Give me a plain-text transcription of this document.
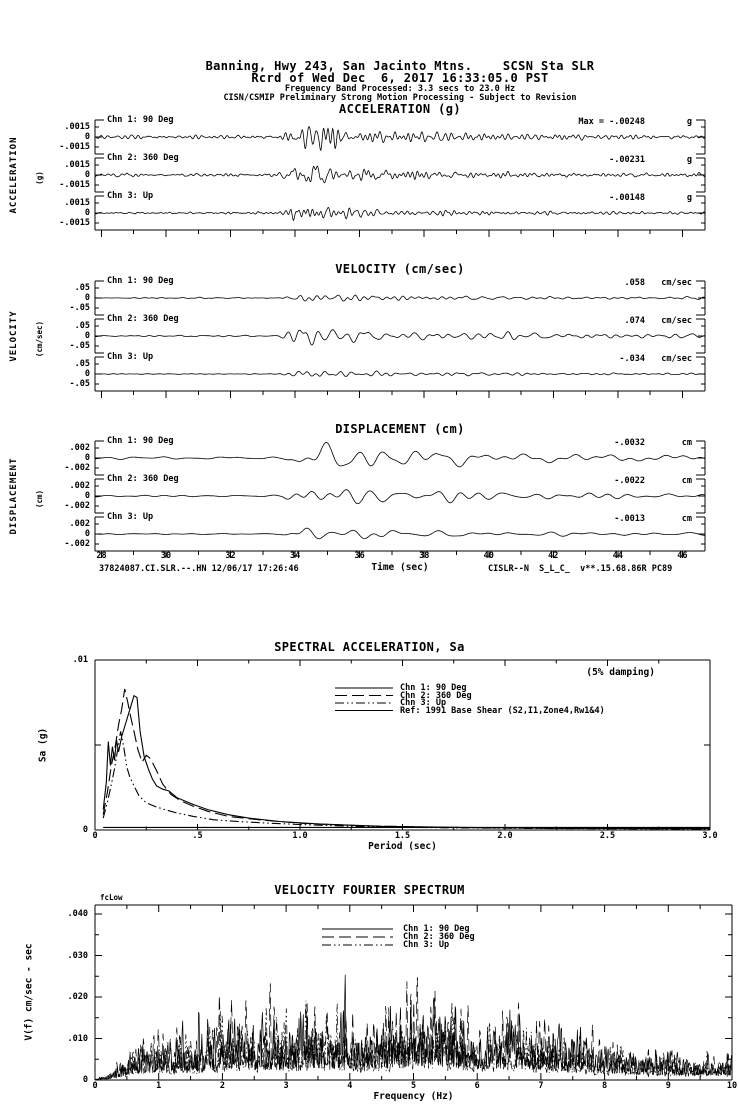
Banning, Hwy 243, San Jacinto Mtns.    SCSN Sta SLR
Rcrd of Wed Dec  6, 2017 16:33:05.0 PST
Frequency Band Processed: 3.3 secs to 23.0 Hz
CISN/CSMIP Preliminary Strong Motion Processing - Subject to Revision
ACCELERATION (g)
VELOCITY (cm/sec)
DISPLACEMENT (cm)
ACCELERATION (g)
VELOCITY (cm/sec)
DISPLACEMENT (cm)
Time (sec)
37824087.CI.SLR.--.HN 12/06/17 17:26:46	CISLR--N  S_L_C_  v**.15.68.86R PC89
SPECTRAL ACCELERATION, Sa
(5% damping)
Sa (g)
Period (sec)
VELOCITY FOURIER SPECTRUM
fcLow
V(f) cm/sec - sec
Frequency (Hz)
Chn 1: 90 Deg
.0015
0
-.0015
Max = -.00248	g
Chn 2: 360 Deg
.0015
0
-.0015
-.00231	g
Chn 3: Up
.0015
0
-.0015
-.00148	g
Chn 1: 90 Deg
.05
0
-.05
.058	cm/sec
Chn 2: 360 Deg
.05
0
-.05
.074	cm/sec
Chn 3: Up
.05
0
-.05
-.034	cm/sec
Chn 1: 90 Deg
.002
0
-.002
-.0032	cm
Chn 2: 360 Deg
.002
0
-.002
-.0022	cm
Chn 3: Up
.002
0
-.002
-.0013	cm
28	30	32	34	36	38	40	42	44	46
0
.01
0	.5	1.0	1.5	2.0	2.5	3.0
Chn 1: 90 Deg
Chn 2: 360 Deg
Chn 3: Up
Ref: 1991 Base Shear (S2,I1,Zone4,Rw1&4)
0
.010
.020
.030
.040
0	1	2	3	4	5	6	7	8	9	10
Chn 1: 90 Deg
Chn 2: 360 Deg
Chn 3: Up
